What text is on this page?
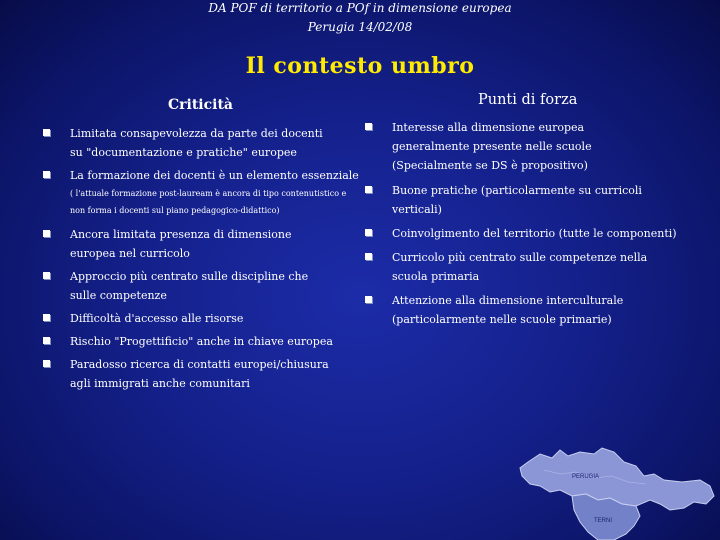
DA POF di territorio a POf in dimensione europea
Perugia 14/02/08
Il contesto umbro
Criticità	Punti di forza
Limitata consapevolezza da parte dei docenti su "documentazione e pratiche" europee
La formazione dei docenti è un elemento essenziale
( l'attuale formazione post-lauream è ancora di tipo contenutistico e non forma i docenti sul piano pedagogico-didattico)
Ancora limitata presenza di dimensione europea nel curricolo
Approccio più centrato sulle discipline che sulle competenze
Difficoltà d'accesso alle risorse
Rischio "Progettificio" anche in chiave europea
Paradosso ricerca di contatti europei/chiusura agli immigrati anche comunitari
Interesse alla dimensione europea generalmente presente nelle scuole (Specialmente se DS è propositivo)
Buone pratiche (particolarmente su curricoli verticali)
Coinvolgimento del territorio (tutte le componenti)
Curricolo più centrato sulle competenze nella scuola primaria
Attenzione alla dimensione interculturale (particolarmente nelle scuole primarie)
PERUGIA
TERNI
